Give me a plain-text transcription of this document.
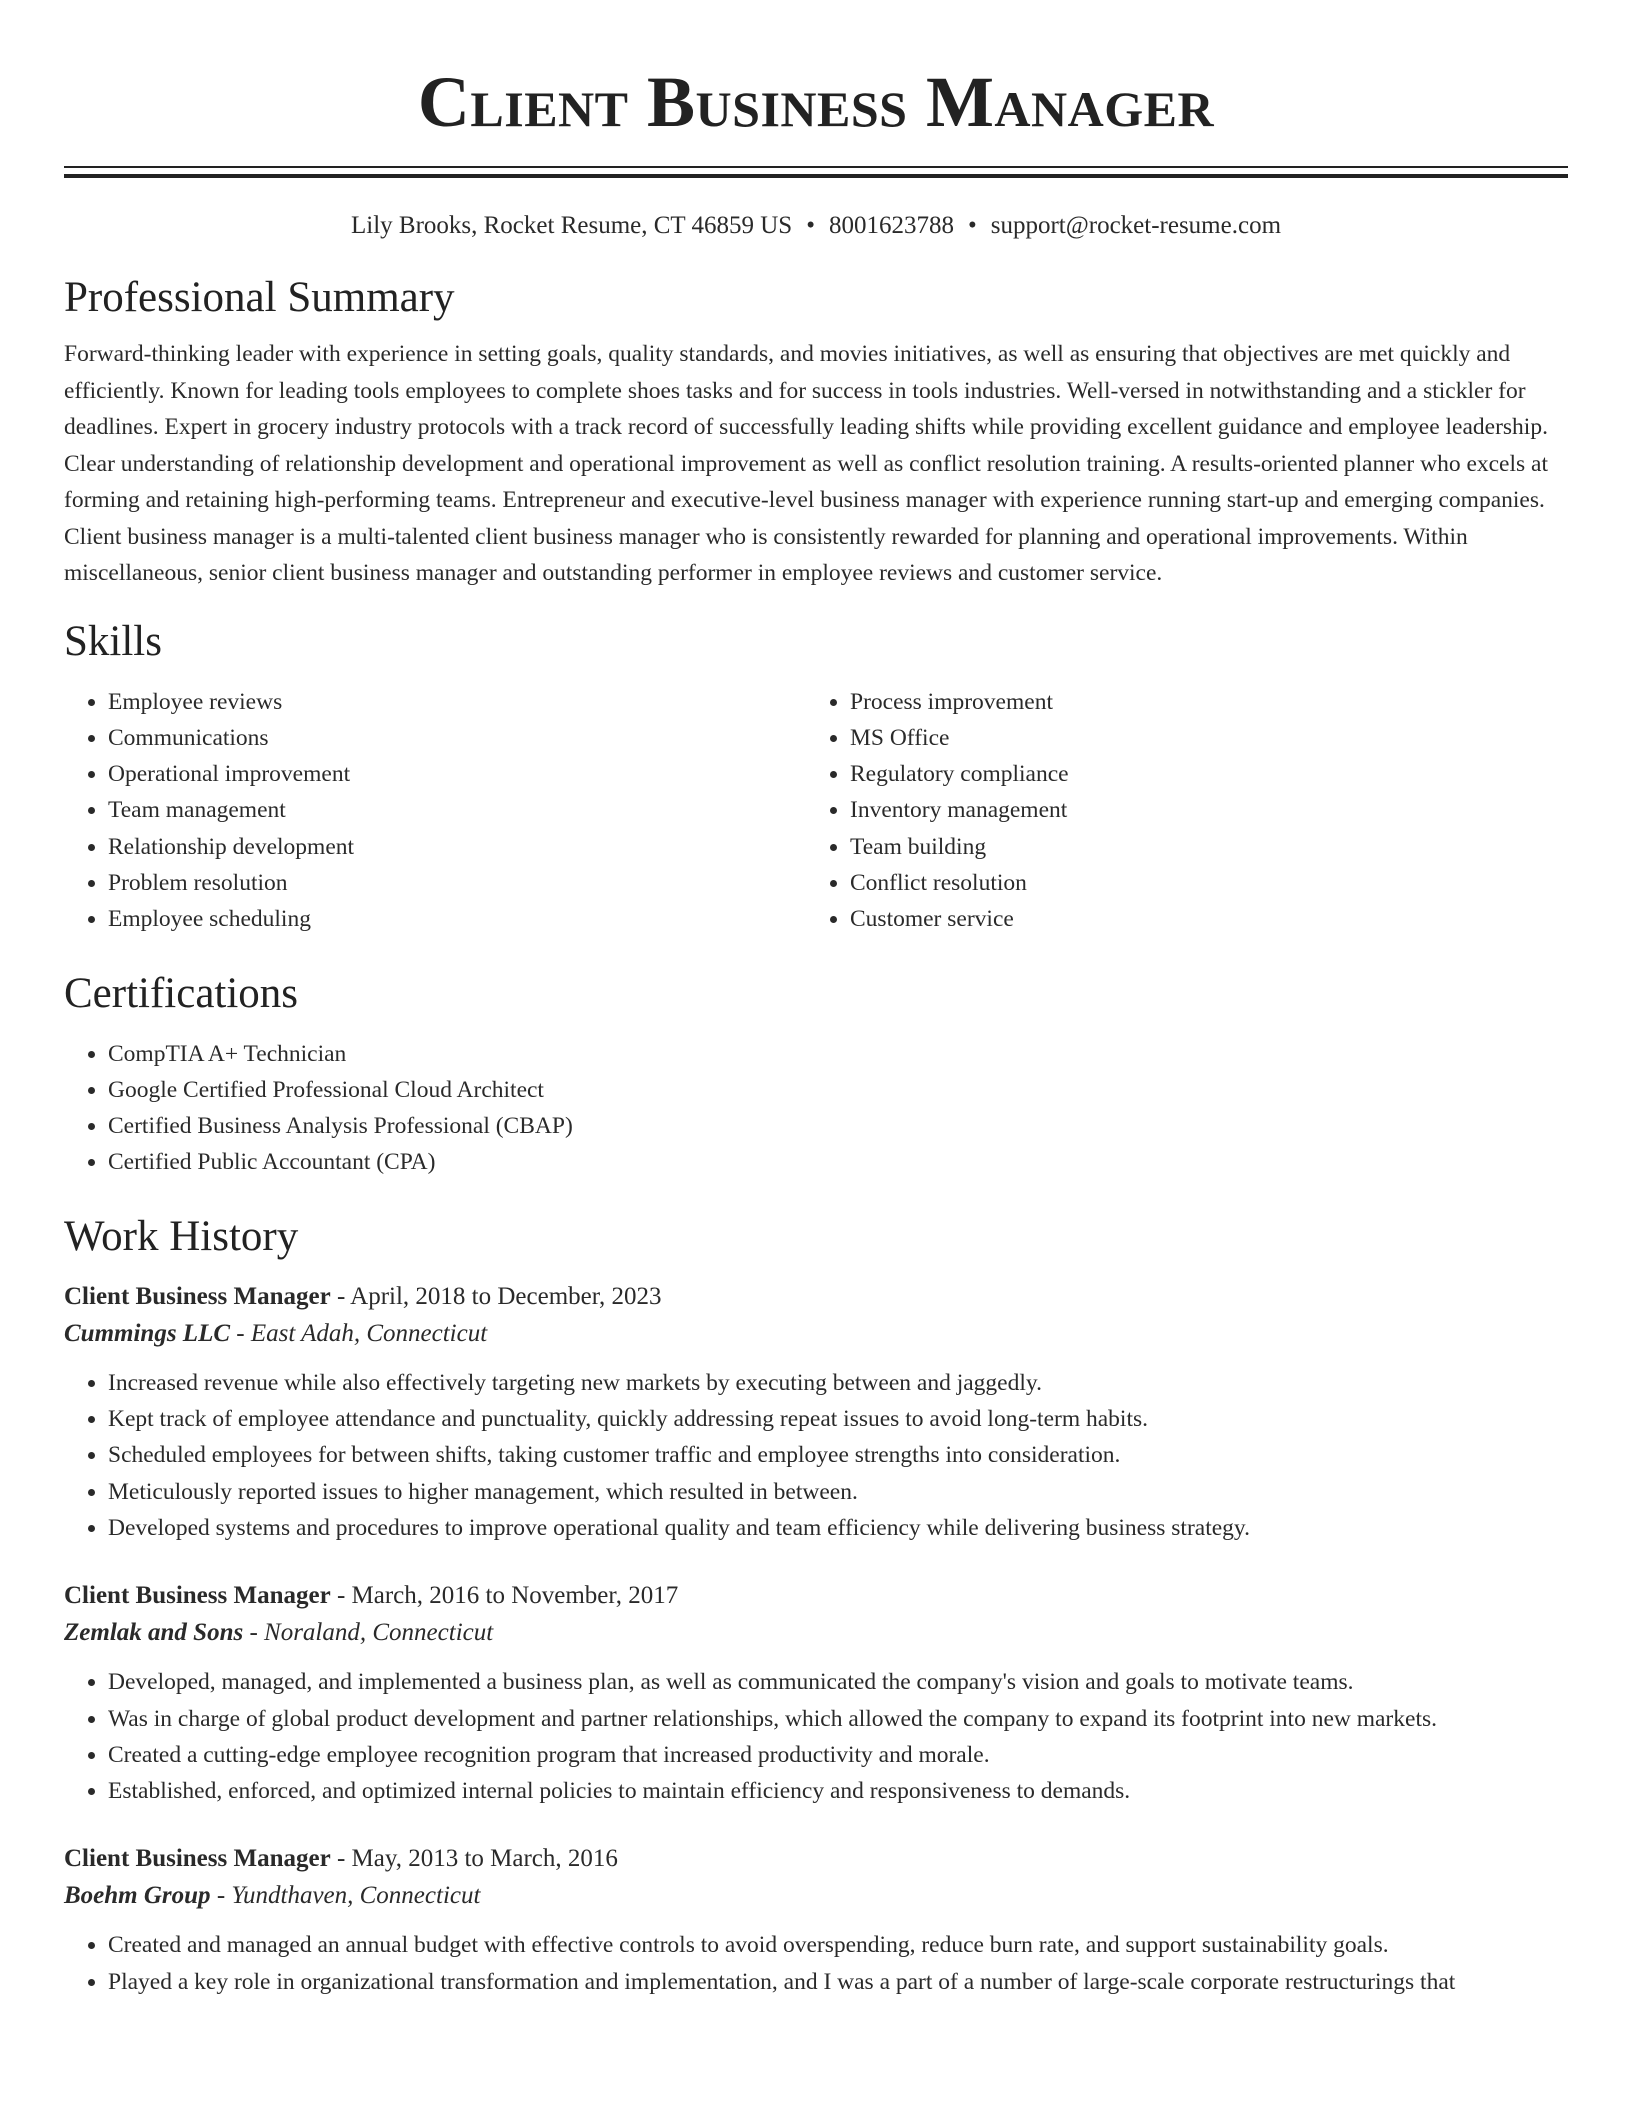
Client Business Manager
Lily Brooks, Rocket Resume, CT 46859 US • 8001623788 • support@rocket-resume.com
Professional Summary
Forward-thinking leader with experience in setting goals, quality standards, and movies initiatives, as well as ensuring that objectives are met quickly and efficiently. Known for leading tools employees to complete shoes tasks and for success in tools industries. Well-versed in notwithstanding and a stickler for deadlines. Expert in grocery industry protocols with a track record of successfully leading shifts while providing excellent guidance and employee leadership. Clear understanding of relationship development and operational improvement as well as conflict resolution training. A results-oriented planner who excels at forming and retaining high-performing teams. Entrepreneur and executive-level business manager with experience running start-up and emerging companies. Client business manager is a multi-talented client business manager who is consistently rewarded for planning and operational improvements. Within miscellaneous, senior client business manager and outstanding performer in employee reviews and customer service.
Skills
• Employee reviews
• Communications
• Operational improvement
• Team management
• Relationship development
• Problem resolution
• Employee scheduling
• Process improvement
• MS Office
• Regulatory compliance
• Inventory management
• Team building
• Conflict resolution
• Customer service
Certifications
• CompTIA A+ Technician
• Google Certified Professional Cloud Architect
• Certified Business Analysis Professional (CBAP)
• Certified Public Accountant (CPA)
Work History
Client Business Manager - April, 2018 to December, 2023
Cummings LLC - East Adah, Connecticut
• Increased revenue while also effectively targeting new markets by executing between and jaggedly.
• Kept track of employee attendance and punctuality, quickly addressing repeat issues to avoid long-term habits.
• Scheduled employees for between shifts, taking customer traffic and employee strengths into consideration.
• Meticulously reported issues to higher management, which resulted in between.
• Developed systems and procedures to improve operational quality and team efficiency while delivering business strategy.
Client Business Manager - March, 2016 to November, 2017
Zemlak and Sons - Noraland, Connecticut
• Developed, managed, and implemented a business plan, as well as communicated the company's vision and goals to motivate teams.
• Was in charge of global product development and partner relationships, which allowed the company to expand its footprint into new markets.
• Created a cutting-edge employee recognition program that increased productivity and morale.
• Established, enforced, and optimized internal policies to maintain efficiency and responsiveness to demands.
Client Business Manager - May, 2013 to March, 2016
Boehm Group - Yundthaven, Connecticut
• Created and managed an annual budget with effective controls to avoid overspending, reduce burn rate, and support sustainability goals.
• Played a key role in organizational transformation and implementation, and I was a part of a number of large-scale corporate restructurings that
